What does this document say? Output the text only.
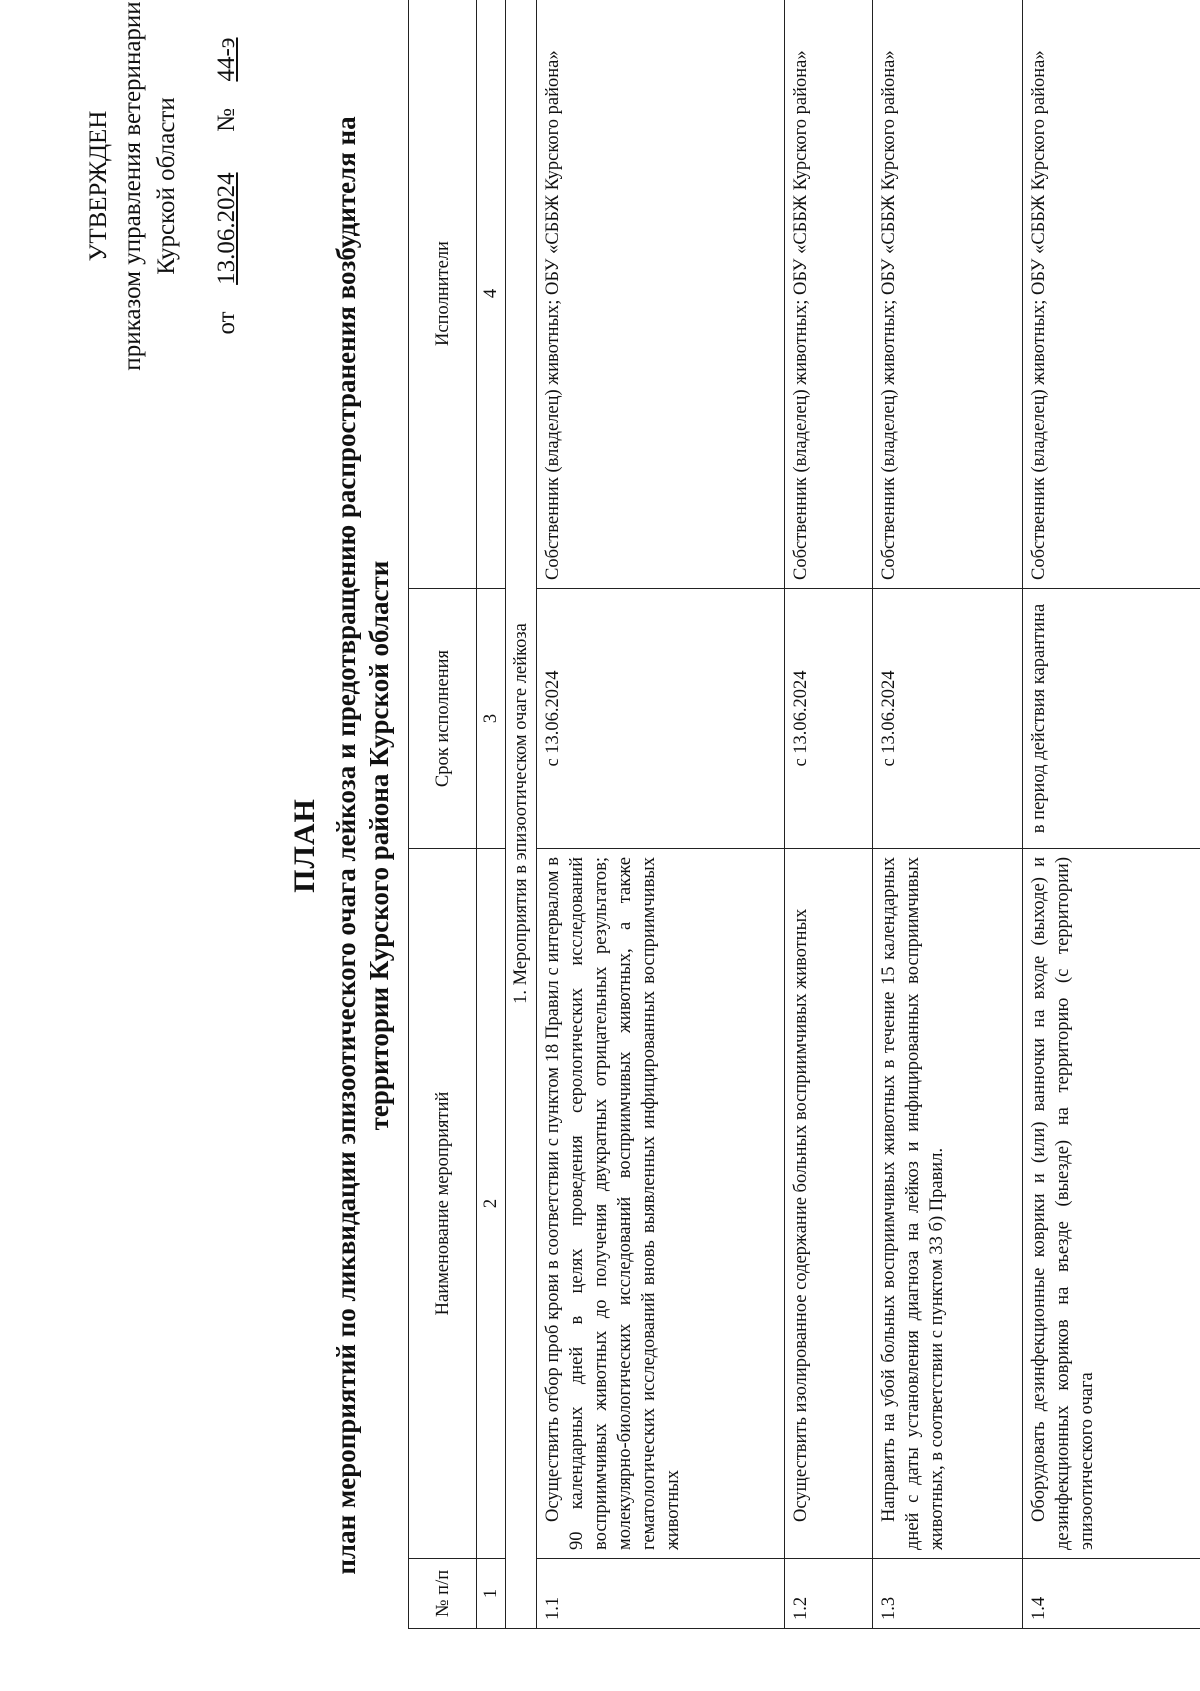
УТВЕРЖДЕН приказом управления ветеринарии Курской области
от  13.06.2024  №  44-э
ПЛАН план мероприятий по ликвидации эпизоотического очага лейкоза и предотвращению распространения возбудителя на территории Курского района Курской области
№ п/п	Наименование мероприятий	Срок исполнения	Исполнители
1	2	3	4
1. Мероприятия в эпизоотическом очаге лейкоза			
1.1	Осуществить отбор проб крови в соответствии с пунктом 18 Правил с интервалом в 90 календарных дней в целях проведения серологических исследований восприимчивых животных до получения двукратных отрицательных результатов; молекулярно-биологических исследований восприимчивых животных, а также гематологических исследований вновь выявленных инфицированных восприимчивых животных	с 13.06.2024	Собственник (владелец) животных; ОБУ «СББЖ Курского района»
1.2	Осуществить изолированное содержание больных восприимчивых животных	с 13.06.2024	Собственник (владелец) животных; ОБУ «СББЖ Курского района»
1.3	Направить на убой больных восприимчивых животных в течение 15 календарных дней с даты установления диагноза на лейкоз и инфицированных восприимчивых животных, в соответствии с пунктом 33 б) Правил.	с 13.06.2024	Собственник (владелец) животных; ОБУ «СББЖ Курского района»
1.4	Оборудовать дезинфекционные коврики и (или) ванночки на входе (выходе) и дезинфекционных ковриков на въезде (выезде) на территорию (с территории) эпизоотического очага	в период действия карантина	Собственник (владелец) животных; ОБУ «СББЖ Курского района»
